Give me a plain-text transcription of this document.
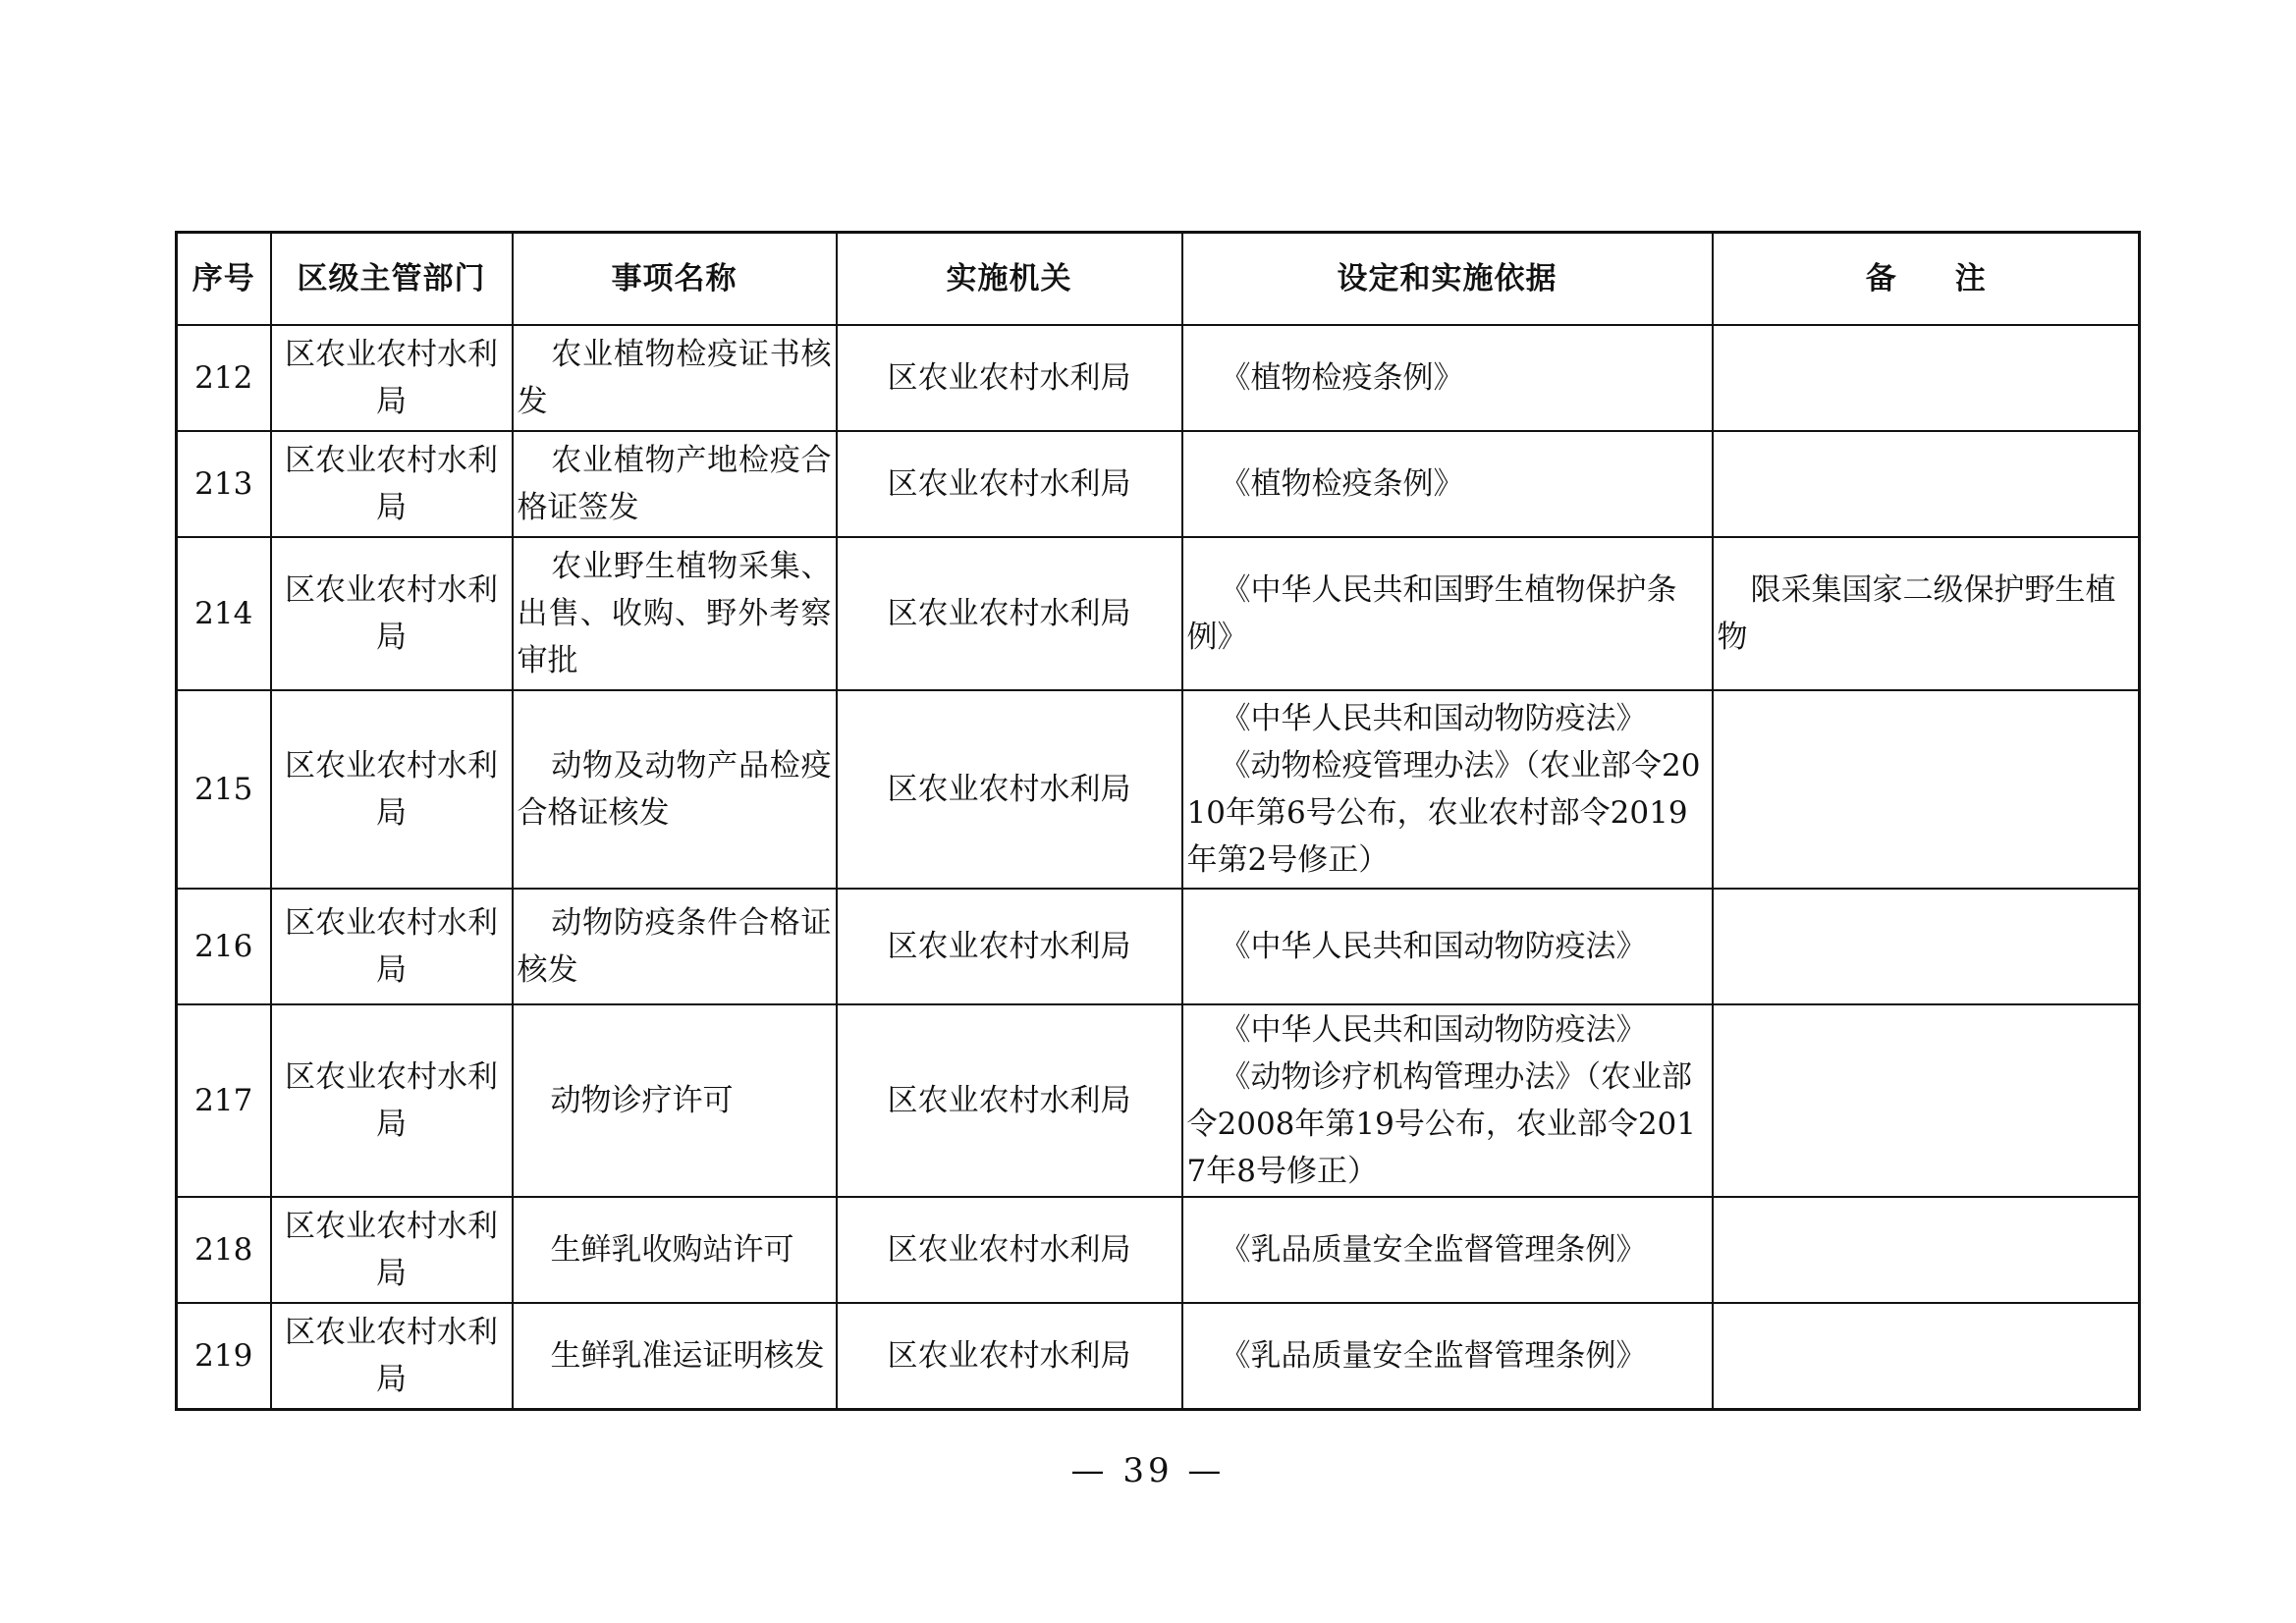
序号	区级主管部门	事项名称	实施机关	设定和实施依据	备注
212	区农业农村水利局	农业植物检疫证书核发	区农业农村水利局	《植物检疫条例》	

213	区农业农村水利局	农业植物产地检疫合格证签发	区农业农村水利局	《植物检疫条例》	

214	区农业农村水利局	农业野生植物采集、出售、收购、野外考察审批	区农业农村水利局	《中华人民共和国野生植物保护条例》	限采集国家二级保护野生植物
215	区农业农村水利局	动物及动物产品检疫合格证核发	区农业农村水利局	《中华人民共和国动物防疫法》
《动物检疫管理办法》（农业部令2010年第6号公布，农业农村部令2019年第2号修正）	

216	区农业农村水利局	动物防疫条件合格证核发	区农业农村水利局	《中华人民共和国动物防疫法》	

217	区农业农村水利局	动物诊疗许可	区农业农村水利局	《中华人民共和国动物防疫法》
《动物诊疗机构管理办法》（农业部令2008年第19号公布，农业部令2017年8号修正）	

218	区农业农村水利局	生鲜乳收购站许可	区农业农村水利局	《乳品质量安全监督管理条例》	

219	区农业农村水利局	生鲜乳准运证明核发	区农业农村水利局	《乳品质量安全监督管理条例》	

— 39 —
